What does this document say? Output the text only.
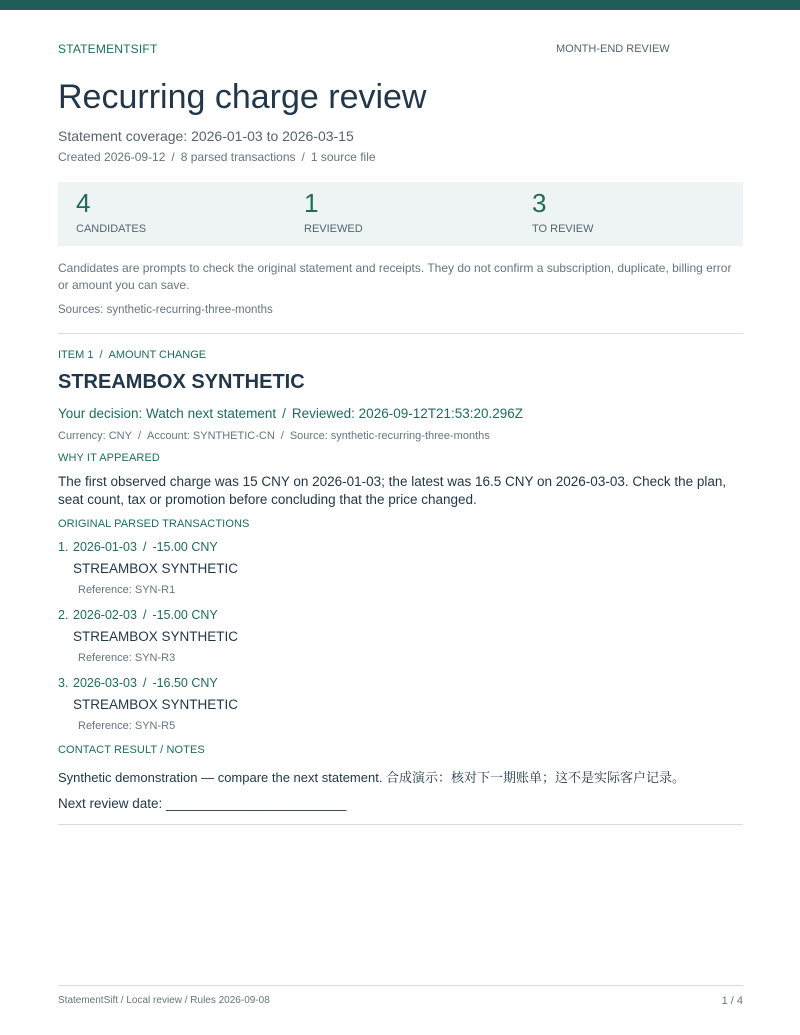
STATEMENTSIFT	MONTH-END REVIEW
Recurring charge review
Statement coverage: 2026-01-03 to 2026-03-15
Created 2026-09-12 / 8 parsed transactions / 1 source file
4
CANDIDATES
1
REVIEWED
3
TO REVIEW

Candidates are prompts to check the original statement and receipts. They do not confirm a subscription, duplicate, billing error or amount you can save.

Sources: synthetic-recurring-three-months
ITEM 1 / AMOUNT CHANGE
STREAMBOX SYNTHETIC
Your decision: Watch next statement / Reviewed: 2026-09-12T21:53:20.296Z
Currency: CNY / Account: SYNTHETIC-CN / Source: synthetic-recurring-three-months
WHY IT APPEARED

The first observed charge was 15 CNY on 2026-01-03; the latest was 16.5 CNY on 2026-03-03. Check the plan, seat count, tax or promotion before concluding that the price changed.

ORIGINAL PARSED TRANSACTIONS
1. 2026-01-03 / -15.00 CNY
STREAMBOX SYNTHETIC
Reference: SYN-R1
2. 2026-02-03 / -15.00 CNY
STREAMBOX SYNTHETIC
Reference: SYN-R3
3. 2026-03-03 / -16.50 CNY
STREAMBOX SYNTHETIC
Reference: SYN-R5
CONTACT RESULT / NOTES
Synthetic demonstration — compare the next statement. 合成演示：核对下一期账单；这不是实际客户记录。
Next review date: ________________________
StatementSift / Local review / Rules 2026-09-08	1 / 4
